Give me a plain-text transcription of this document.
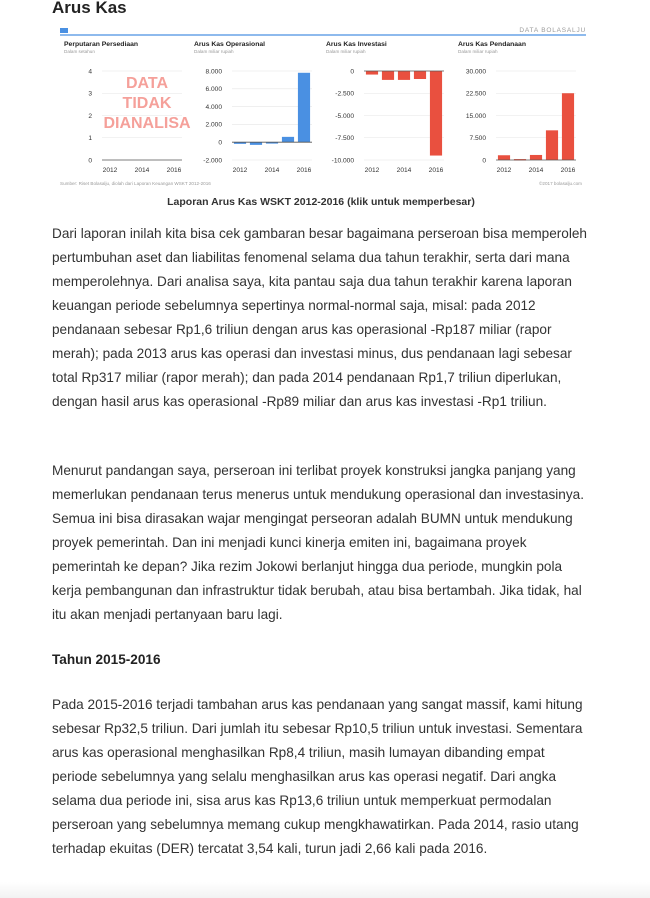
Arus Kas
DATA BOLASALJU
Perputaran Persediaan
Dalam setahun
0
1
2
3
4
2012	2014	2016
DATA
TIDAK
DIANALISA
Arus Kas Operasional
Dalam miliar rupiah
-2.000
0
2.000
4.000
6.000
8.000
2012	2014	2016
Arus Kas Investasi
Dalam miliar rupiah
-10.000
-7.500
-5.000
-2.500
0
2012	2014	2016
Arus Kas Pendanaan
Dalam miliar rupiah
0
7.500
15.000
22.500
30.000
2012	2014	2016
Sumber: Riset Bolasalju, diolah dari Laporan Keuangan WSKT 2012-2016	©2017 bolasalju.com
Laporan Arus Kas WSKT 2012-2016 (klik untuk memperbesar)

Dari laporan inilah kita bisa cek gambaran besar bagaimana perseroan bisa memperoleh pertumbuhan aset dan liabilitas fenomenal selama dua tahun terakhir, serta dari mana memperolehnya. Dari analisa saya, kita pantau saja dua tahun terakhir karena laporan keuangan periode sebelumnya sepertinya normal-normal saja, misal: pada 2012 pendanaan sebesar Rp1,6 triliun dengan arus kas operasional -Rp187 miliar (rapor merah); pada 2013 arus kas operasi dan investasi minus, dus pendanaan lagi sebesar total Rp317 miliar (rapor merah); dan pada 2014 pendanaan Rp1,7 triliun diperlukan, dengan hasil arus kas operasional -Rp89 miliar dan arus kas investasi -Rp1 triliun.

Menurut pandangan saya, perseroan ini terlibat proyek konstruksi jangka panjang yang memerlukan pendanaan terus menerus untuk mendukung operasional dan investasinya. Semua ini bisa dirasakan wajar mengingat perseoran adalah BUMN untuk mendukung proyek pemerintah. Dan ini menjadi kunci kinerja emiten ini, bagaimana proyek pemerintah ke depan? Jika rezim Jokowi berlanjut hingga dua periode, mungkin pola kerja pembangunan dan infrastruktur tidak berubah, atau bisa bertambah. Jika tidak, hal itu akan menjadi pertanyaan baru lagi.

Tahun 2015-2016

Pada 2015-2016 terjadi tambahan arus kas pendanaan yang sangat massif, kami hitung sebesar Rp32,5 triliun. Dari jumlah itu sebesar Rp10,5 triliun untuk investasi. Sementara arus kas operasional menghasilkan Rp8,4 triliun, masih lumayan dibanding empat periode sebelumnya yang selalu menghasilkan arus kas operasi negatif. Dari angka selama dua periode ini, sisa arus kas Rp13,6 triliun untuk memperkuat permodalan perseroan yang sebelumnya memang cukup mengkhawatirkan. Pada 2014, rasio utang terhadap ekuitas (DER) tercatat 3,54 kali, turun jadi 2,66 kali pada 2016.
